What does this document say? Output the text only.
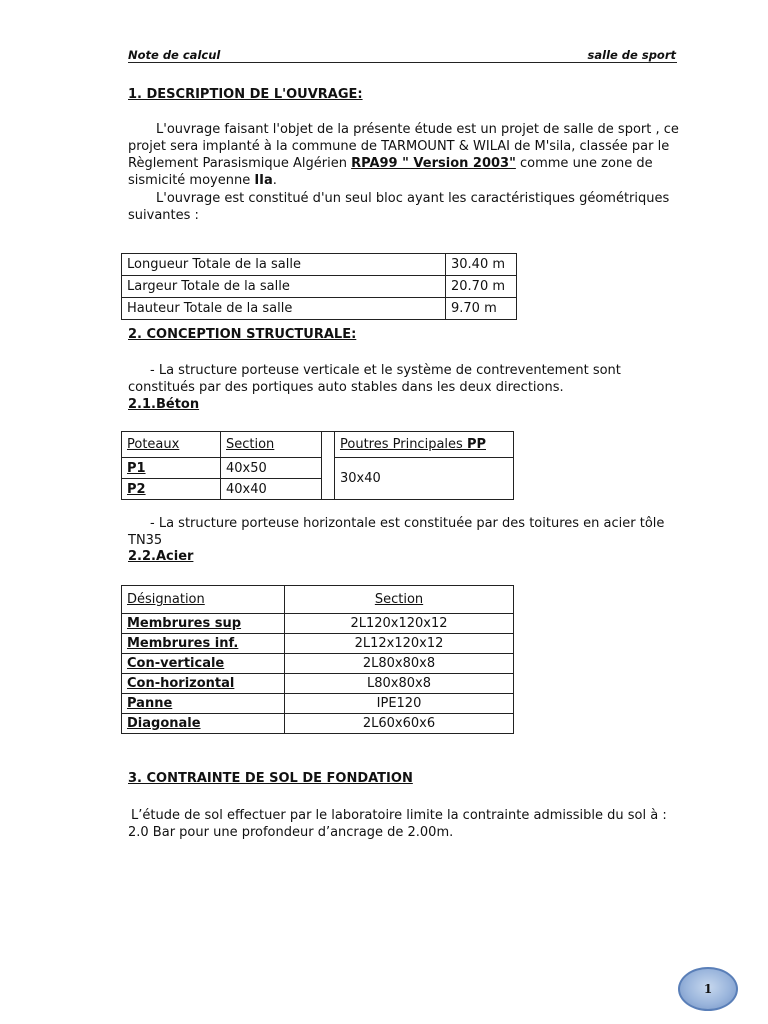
Note de calcul	salle de sport
1. DESCRIPTION DE L'OUVRAGE:
L'ouvrage faisant l'objet de la présente étude est un projet de salle de sport , ce projet sera implanté à la commune de TARMOUNT & WILAI de M'sila, classée par le Règlement Parasismique Algérien RPA99 " Version 2003" comme une zone de sismicité moyenne IIa.
L'ouvrage est constitué d'un seul bloc ayant les caractéristiques géométriques suivantes :
Longueur Totale de la salle	30.40 m
Largeur Totale de la salle	20.70 m
Hauteur Totale de la salle	9.70 m
2. CONCEPTION STRUCTURALE:
- La structure porteuse verticale et le système de contreventement sont constitués par des portiques auto stables dans les deux directions.
2.1.Béton
Poteaux	Section		Poutres Principales PP
P1	40x50		30x40
P2	40x40		
- La structure porteuse horizontale est constituée par des toitures en acier tôle TN35
2.2.Acier
Désignation	Section
Membrures sup	2L120x120x12
Membrures inf.	2L12x120x12
Con-verticale	2L80x80x8
Con-horizontal	L80x80x8
Panne	IPE120
Diagonale	2L60x60x6
3. CONTRAINTE DE SOL DE FONDATION
L’étude de sol effectuer par le laboratoire limite la contrainte admissible du sol à : 2.0 Bar pour une profondeur d’ancrage de 2.00m.
1
